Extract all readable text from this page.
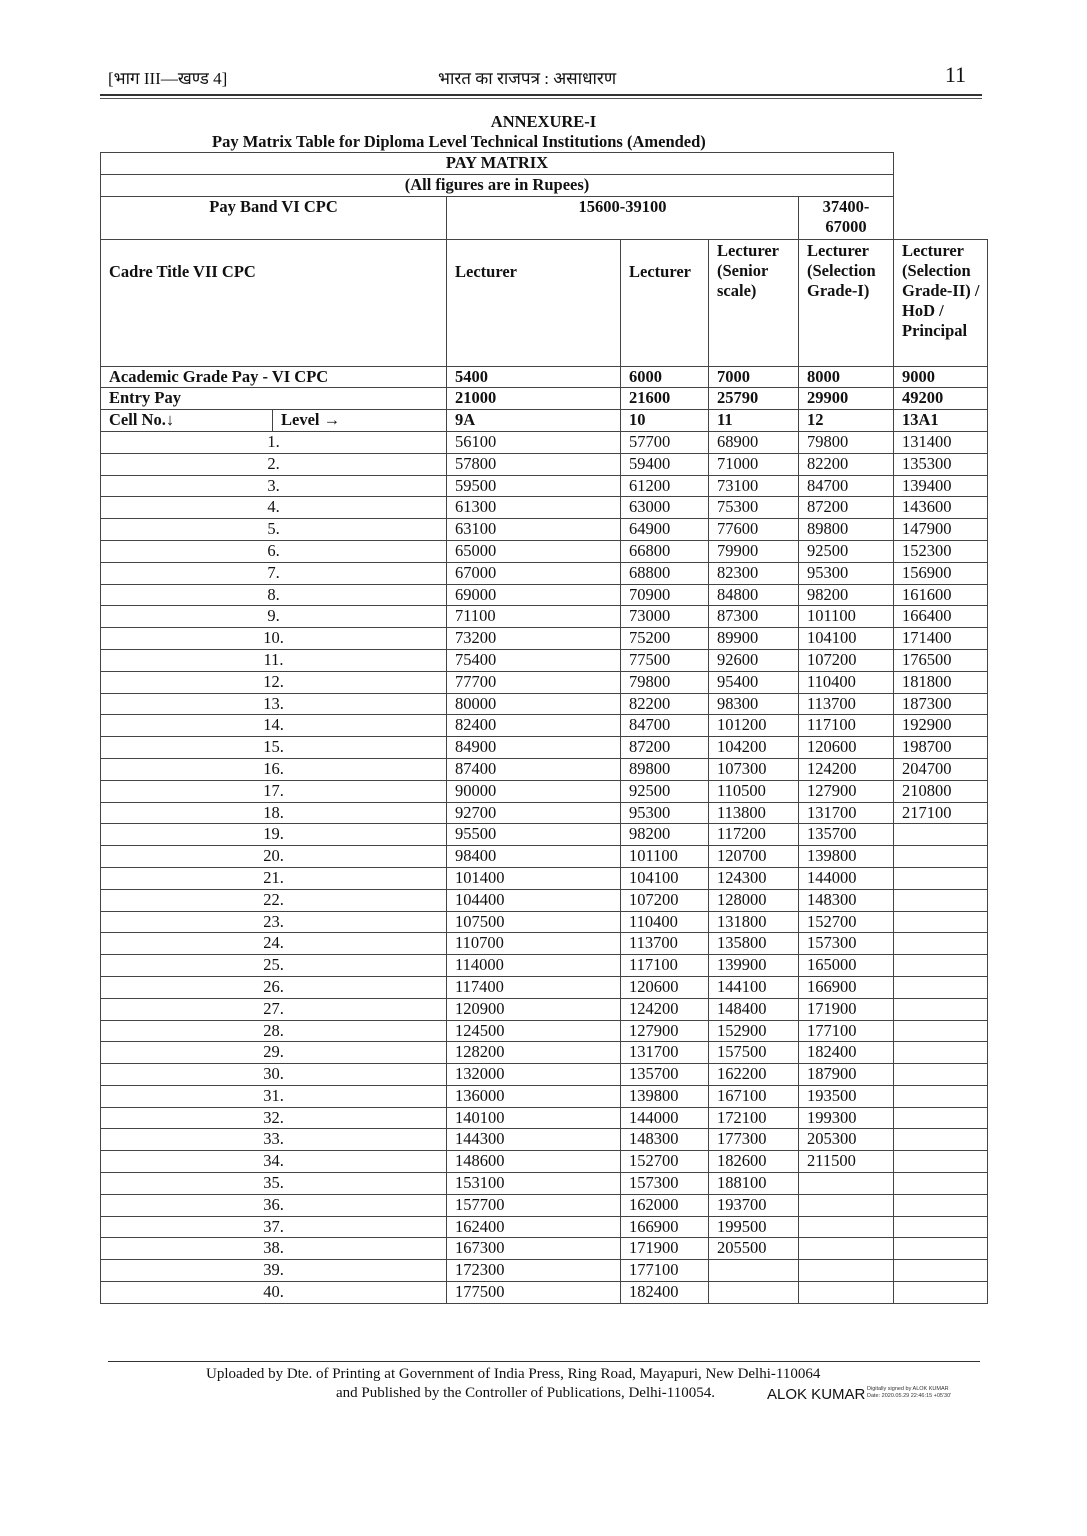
[भाग III—खण्ड 4]	भारत का राजपत्र : असाधारण	11
ANNEXURE-I
Pay Matrix Table for Diploma Level Technical Institutions (Amended)
PAY MATRIX						
(All figures are in Rupees)						
Pay Band VI CPC		15600-39100			37400-
67000	
Cadre Title VII CPC		Lecturer	Lecturer	Lecturer (Senior scale)	Lecturer (Selection Grade-I)	Lecturer (Selection Grade-II) / HoD / Principal
Academic Grade Pay - VI CPC		5400	6000	7000	8000	9000
Entry Pay		21000	21600	25790	29900	49200
Cell No.↓	Level →	9A	10	11	12	13A1
1.		56100	57700	68900	79800	131400
2.		57800	59400	71000	82200	135300
3.		59500	61200	73100	84700	139400
4.		61300	63000	75300	87200	143600
5.		63100	64900	77600	89800	147900
6.		65000	66800	79900	92500	152300
7.		67000	68800	82300	95300	156900
8.		69000	70900	84800	98200	161600
9.		71100	73000	87300	101100	166400
10.		73200	75200	89900	104100	171400
11.		75400	77500	92600	107200	176500
12.		77700	79800	95400	110400	181800
13.		80000	82200	98300	113700	187300
14.		82400	84700	101200	117100	192900
15.		84900	87200	104200	120600	198700
16.		87400	89800	107300	124200	204700
17.		90000	92500	110500	127900	210800
18.		92700	95300	113800	131700	217100
19.		95500	98200	117200	135700	
20.		98400	101100	120700	139800	
21.		101400	104100	124300	144000	
22.		104400	107200	128000	148300	
23.		107500	110400	131800	152700	
24.		110700	113700	135800	157300	
25.		114000	117100	139900	165000	
26.		117400	120600	144100	166900	
27.		120900	124200	148400	171900	
28.		124500	127900	152900	177100	
29.		128200	131700	157500	182400	
30.		132000	135700	162200	187900	
31.		136000	139800	167100	193500	
32.		140100	144000	172100	199300	
33.		144300	148300	177300	205300	
34.		148600	152700	182600	211500	
35.		153100	157300	188100		
36.		157700	162000	193700		
37.		162400	166900	199500		
38.		167300	171900	205500		
39.		172300	177100			
40.		177500	182400			
Uploaded by Dte. of Printing at Government of India Press, Ring Road, Mayapuri, New Delhi-110064
and Published by the Controller of Publications, Delhi-110054.	ALOK KUMAR Digitally signed by ALOK KUMAR
Date: 2020.05.29 22:46:15 +05'30'
